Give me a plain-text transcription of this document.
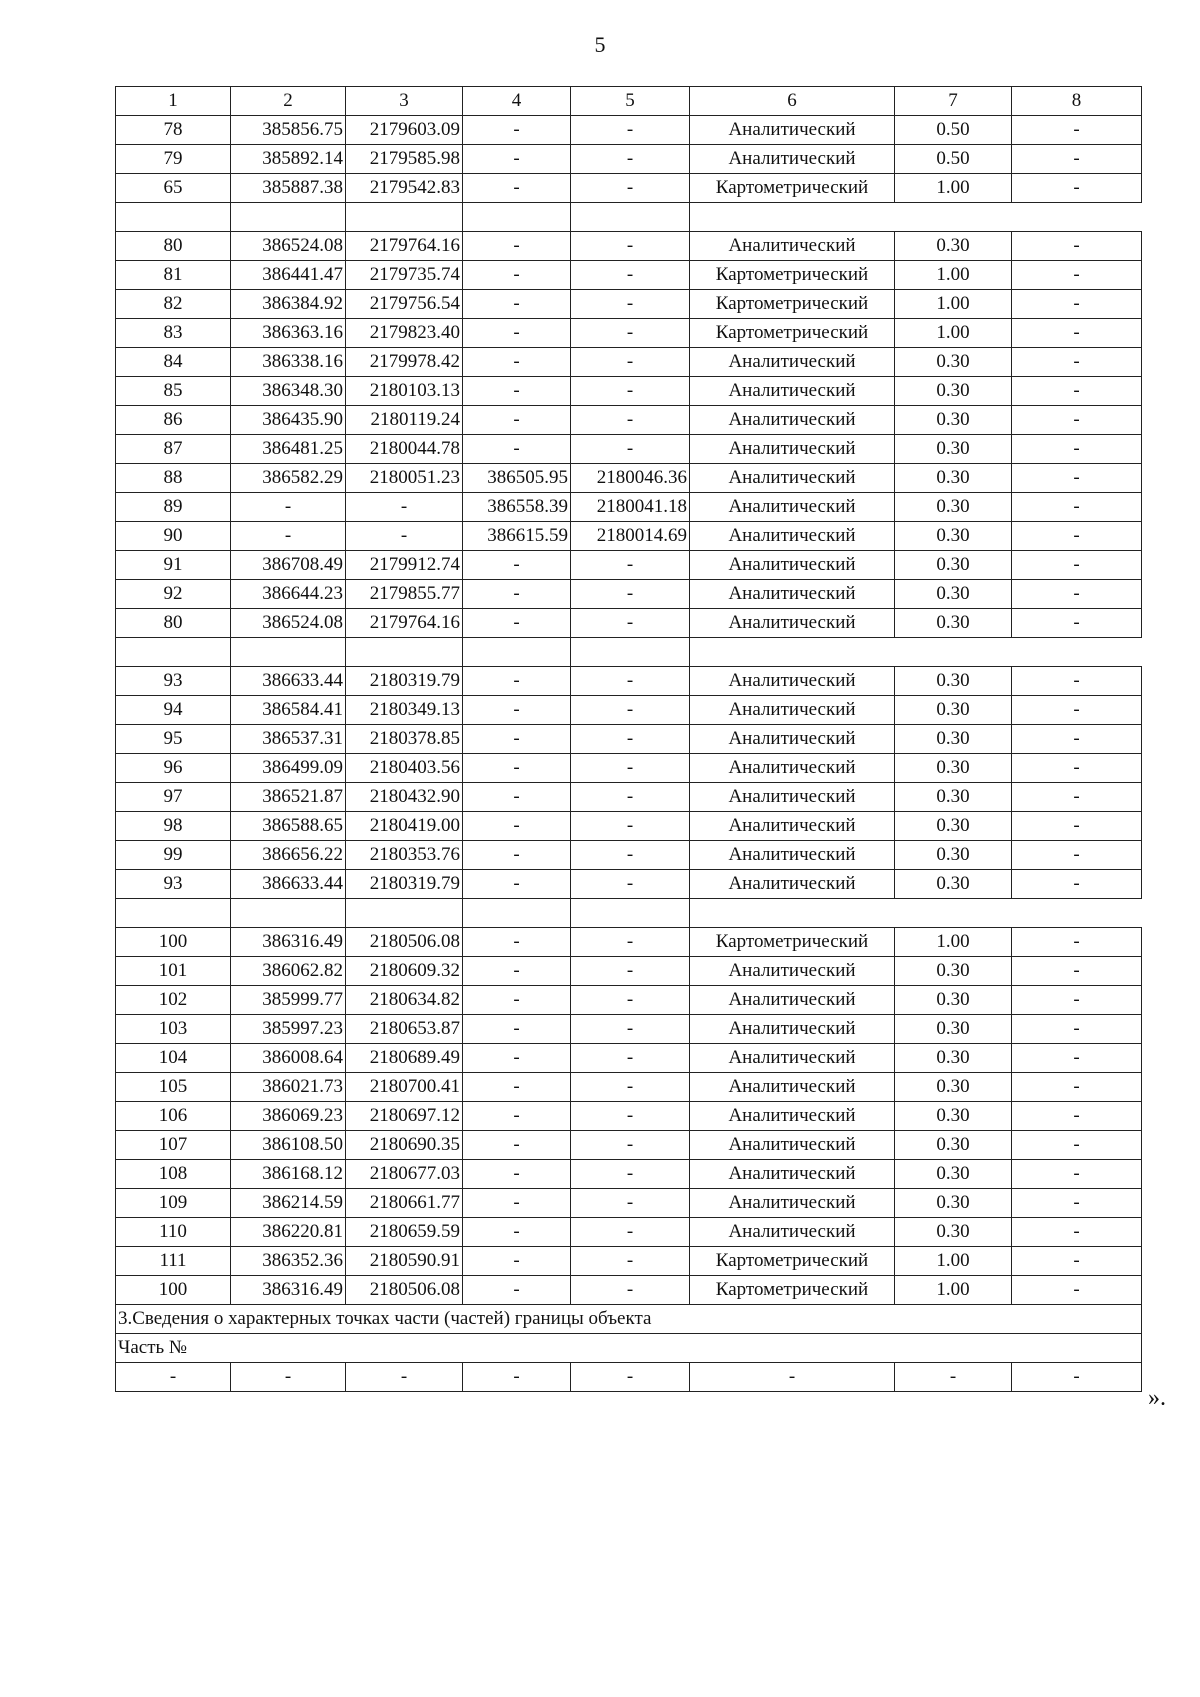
5
1	2	3	4	5	6	7	8
78	385856.75	2179603.09	-	-	Аналитический	0.50	-
79	385892.14	2179585.98	-	-	Аналитический	0.50	-
65	385887.38	2179542.83	-	-	Картометрический	1.00	-

80	386524.08	2179764.16	-	-	Аналитический	0.30	-
81	386441.47	2179735.74	-	-	Картометрический	1.00	-
82	386384.92	2179756.54	-	-	Картометрический	1.00	-
83	386363.16	2179823.40	-	-	Картометрический	1.00	-
84	386338.16	2179978.42	-	-	Аналитический	0.30	-
85	386348.30	2180103.13	-	-	Аналитический	0.30	-
86	386435.90	2180119.24	-	-	Аналитический	0.30	-
87	386481.25	2180044.78	-	-	Аналитический	0.30	-
88	386582.29	2180051.23	386505.95	2180046.36	Аналитический	0.30	-
89	-	-	386558.39	2180041.18	Аналитический	0.30	-
90	-	-	386615.59	2180014.69	Аналитический	0.30	-
91	386708.49	2179912.74	-	-	Аналитический	0.30	-
92	386644.23	2179855.77	-	-	Аналитический	0.30	-
80	386524.08	2179764.16	-	-	Аналитический	0.30	-

93	386633.44	2180319.79	-	-	Аналитический	0.30	-
94	386584.41	2180349.13	-	-	Аналитический	0.30	-
95	386537.31	2180378.85	-	-	Аналитический	0.30	-
96	386499.09	2180403.56	-	-	Аналитический	0.30	-
97	386521.87	2180432.90	-	-	Аналитический	0.30	-
98	386588.65	2180419.00	-	-	Аналитический	0.30	-
99	386656.22	2180353.76	-	-	Аналитический	0.30	-
93	386633.44	2180319.79	-	-	Аналитический	0.30	-

100	386316.49	2180506.08	-	-	Картометрический	1.00	-
101	386062.82	2180609.32	-	-	Аналитический	0.30	-
102	385999.77	2180634.82	-	-	Аналитический	0.30	-
103	385997.23	2180653.87	-	-	Аналитический	0.30	-
104	386008.64	2180689.49	-	-	Аналитический	0.30	-
105	386021.73	2180700.41	-	-	Аналитический	0.30	-
106	386069.23	2180697.12	-	-	Аналитический	0.30	-
107	386108.50	2180690.35	-	-	Аналитический	0.30	-
108	386168.12	2180677.03	-	-	Аналитический	0.30	-
109	386214.59	2180661.77	-	-	Аналитический	0.30	-
110	386220.81	2180659.59	-	-	Аналитический	0.30	-
111	386352.36	2180590.91	-	-	Картометрический	1.00	-
100	386316.49	2180506.08	-	-	Картометрический	1.00	-
3.Сведения о характерных точках части (частей) границы объекта							
Часть №							
-	-	-	-	-	-	-	-
».
